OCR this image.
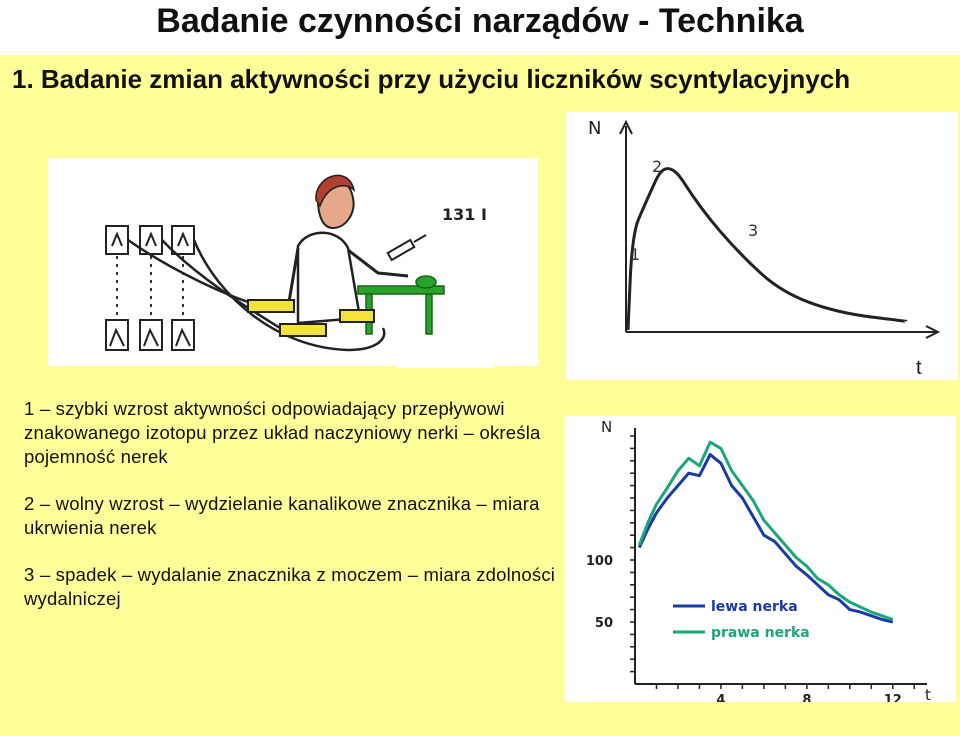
Badanie czynności narządów - Technika
1. Badanie zmian aktywności przy użyciu liczników scyntylacyjnych
131 I
N
t
1
2
3

1 – szybki wzrost aktywności odpowiadający przepływowi znakowanego izotopu przez układ naczyniowy nerki – określa pojemność nerek

2 – wolny wzrost – wydzielanie kanalikowe znacznika – miara ukrwienia nerek

3 – spadek – wydalanie znacznika z moczem – miara zdolności wydalniczej

N
t
50
100
4	8	12
lewa nerka
prawa nerka
